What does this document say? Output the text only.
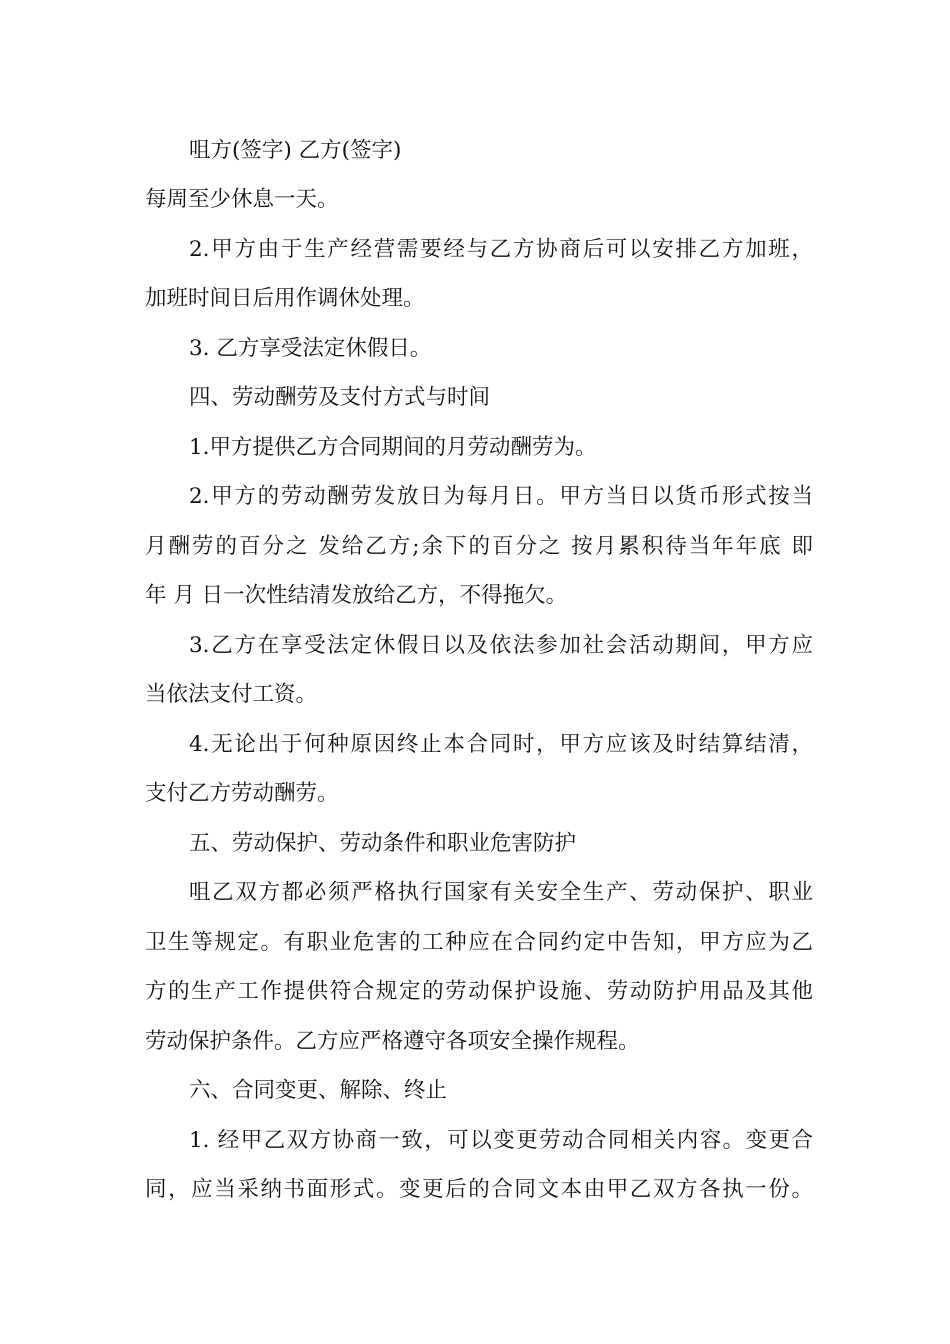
咀方(签字) 乙方(签字)
每周至少休息一天。
2.甲方由于生产经营需要经与乙方协商后可以安排乙方加班，
加班时间日后用作调休处理。
3. 乙方享受法定休假日。
四、劳动酬劳及支付方式与时间
1.甲方提供乙方合同期间的月劳动酬劳为。
2.甲方的劳动酬劳发放日为每月日。甲方当日以货币形式按当
月酬劳的百分之 发给乙方;余下的百分之 按月累积待当年年底 即
年 月 日一次性结清发放给乙方，不得拖欠。
3.乙方在享受法定休假日以及依法参加社会活动期间，甲方应
当依法支付工资。
4.无论出于何种原因终止本合同时，甲方应该及时结算结清，
支付乙方劳动酬劳。
五、劳动保护、劳动条件和职业危害防护
咀乙双方都必须严格执行国家有关安全生产、劳动保护、职业
卫生等规定。有职业危害的工种应在合同约定中告知，甲方应为乙
方的生产工作提供符合规定的劳动保护设施、劳动防护用品及其他
劳动保护条件。乙方应严格遵守各项安全操作规程。
六、合同变更、解除、终止
1. 经甲乙双方协商一致，可以变更劳动合同相关内容。变更合
同，应当采纳书面形式。变更后的合同文本由甲乙双方各执一份。
